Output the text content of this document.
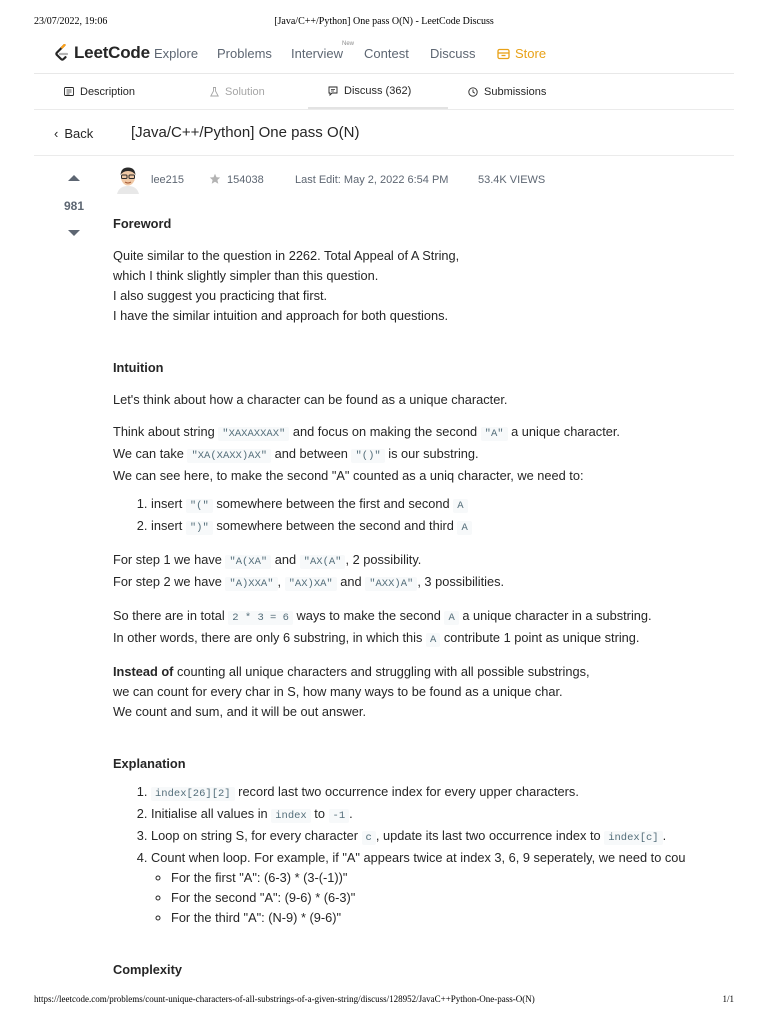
23/07/2022, 19:06	[Java/C++/Python] One pass O(N) - LeetCode Discuss
LeetCode Explore Problems Interview
New
Contest Discuss	Store
Description	Solution	Discuss (362)	Submissions
‹ Back	[Java/C++/Python] One pass O(N)
981
lee215	154038	Last Edit: May 2, 2022 6:54 PM	53.4K VIEWS
Foreword

Quite similar to the question in 2262. Total Appeal of A String,

which I think slightly simpler than this question.

I also suggest you practicing that first.

I have the similar intuition and approach for both questions.

Intuition

Let's think about how a character can be found as a unique character.

Think about string "XAXAXXAX" and focus on making the second "A" a unique character.

We can take "XA(XAXX)AX" and between "()" is our substring.

We can see here, to make the second "A" counted as a uniq character, we need to:

1. insert "(" somewhere between the first and second A
2. insert ")" somewhere between the second and third A

For step 1 we have "A(XA" and "AX(A" , 2 possibility.

For step 2 we have "A)XXA" , "AX)XA" and "AXX)A" , 3 possibilities.

So there are in total 2 * 3 = 6 ways to make the second A a unique character in a substring.

In other words, there are only 6 substring, in which this A contribute 1 point as unique string.

Instead of counting all unique characters and struggling with all possible substrings,

we can count for every char in S, how many ways to be found as a unique char.

We count and sum, and it will be out answer.

Explanation
1. index[26][2] record last two occurrence index for every upper characters.
2. Initialise all values in index to -1 .
3. Loop on string S, for every character c , update its last two occurrence index to index[c] .
4. Count when loop. For example, if "A" appears twice at index 3, 6, 9 seperately, we need to cou
◦ For the first "A": (6-3) * (3-(-1))"
◦ For the second "A": (9-6) * (6-3)"
◦ For the third "A": (N-9) * (9-6)"
Complexity
https://leetcode.com/problems/count-unique-characters-of-all-substrings-of-a-given-string/discuss/128952/JavaC++Python-One-pass-O(N)	1/1
